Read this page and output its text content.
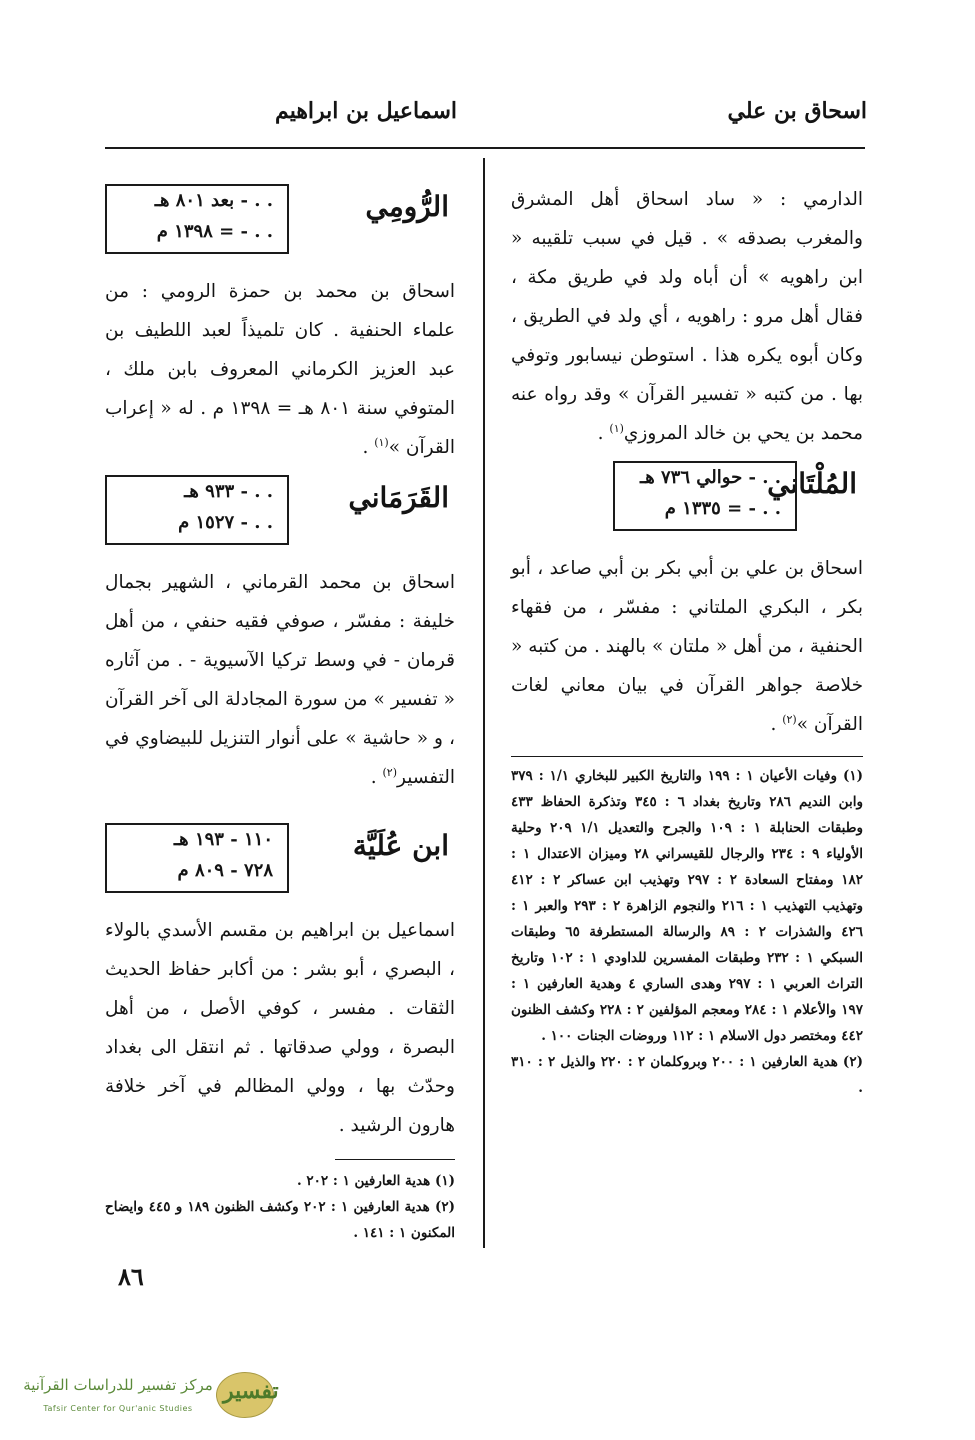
اسحاق بن علي
اسماعيل بن ابراهيم

الدارمي : « ساد اسحاق أهل المشرق والمغرب بصدقه » . قيل في سبب تلقيبه « ابن راهويه » أن أباه ولد في طريق مكة ، فقال أهل مرو : راهويه ، أي ولد في الطريق ، وكان أبوه يكره هذا . استوطن نيسابور وتوفي بها . من كتبه « تفسير القرآن » وقد رواه عنه محمد بن يحي بن خالد المروزي$^{(١)}$ .

المُلْتَاني
. . - حوالي ٧٣٦ هـ
. . - = ١٣٣٥ م

اسحاق بن علي بن أبي بكر بن أبي صاعد ، أبو بكر ، البكري الملتاني : مفسّر ، من فقهاء الحنفية ، من أهل « ملتان » بالهند . من كتبه « خلاصة جواهر القرآن في بيان معاني لغات القرآن »$^{(٢)}$ .

(١) وفيات الأعيان ١ : ١٩٩ والتاريخ الكبير للبخاري ١/١ : ٣٧٩ وابن النديم ٢٨٦ وتاريخ بغداد ٦ : ٣٤٥ وتذكرة الحفاظ ٤٣٣ وطبقات الحنابلة ١ : ١٠٩ والجرح والتعديل ١/١ ٢٠٩ وحلية الأولياء ٩ : ٢٣٤ والرجال للقيسراني ٢٨ وميزان الاعتدال ١ : ١٨٢ ومفتاح السعادة ٢ : ٢٩٧ وتهذيب ابن عساكر ٢ : ٤١٢ وتهذيب التهذيب ١ : ٢١٦ والنجوم الزاهرة ٢ : ٢٩٣ والعبر ١ : ٤٢٦ والشذرات ٢ : ٨٩ والرسالة المستطرفة ٦٥ وطبقات السبكي ١ : ٢٣٢ وطبقات المفسرين للداودي ١ : ١٠٢ وتاريخ التراث العربي ١ : ٢٩٧ وهدى الساري ٤ وهدية العارفين ١ : ١٩٧ والأعلام ١ : ٢٨٤ ومعجم المؤلفين ٢ : ٢٢٨ وكشف الظنون ٤٤٢ ومختصر دول الاسلام ١ : ١١٢ وروضات الجنات ١٠٠ .

(٢) هدية العارفين ١ : ٢٠٠ وبروكلمان ٢ : ٢٢٠ والذيل ٢ : ٣١٠ .

الرُّومِي
. . - بعد ٨٠١ هـ
. . - = ١٣٩٨ م

اسحاق بن محمد بن حمزة الرومي : من علماء الحنفية . كان تلميذاً لعبد اللطيف بن عبد العزيز الكرماني المعروف بابن ملك ، المتوفي سنة ٨٠١ هـ = ١٣٩٨ م . له « إعراب القرآن »$^{(١)}$ .

القَرَمَاني
. . - ٩٣٣ هـ
. . - ١٥٢٧ م

اسحاق بن محمد القرماني ، الشهير بجمال خليفة : مفسّر ، صوفي فقيه حنفي ، من أهل قرمان - في وسط تركيا الآسيوية - . من آثاره « تفسير » من سورة المجادلة الى آخر القرآن ، و « حاشية » على أنوار التنزيل للبيضاوي في التفسير$^{(٢)}$ .

ابن عُلَيَّة
١١٠ - ١٩٣ هـ
٧٢٨ - ٨٠٩ م

اسماعيل بن ابراهيم بن مقسم الأسدي بالولاء ، البصري ، أبو بشر : من أكابر حفاظ الحديث الثقات . مفسر ، كوفي الأصل ، من أهل البصرة ، وولي صدقاتها . ثم انتقل الى بغداد وحدّث بها ، وولي المظالم في آخر خلافة هارون الرشيد .

(١) هدية العارفين ١ : ٢٠٢ .

(٢) هدية العارفين ١ : ٢٠٢ وكشف الظنون ١٨٩ و ٤٤٥ وايضاح المكنون ١ : ١٤١ .

٨٦
تفسير
مركز تفسير للدراسات القرآنية
Tafsir Center for Qur'anic Studies
